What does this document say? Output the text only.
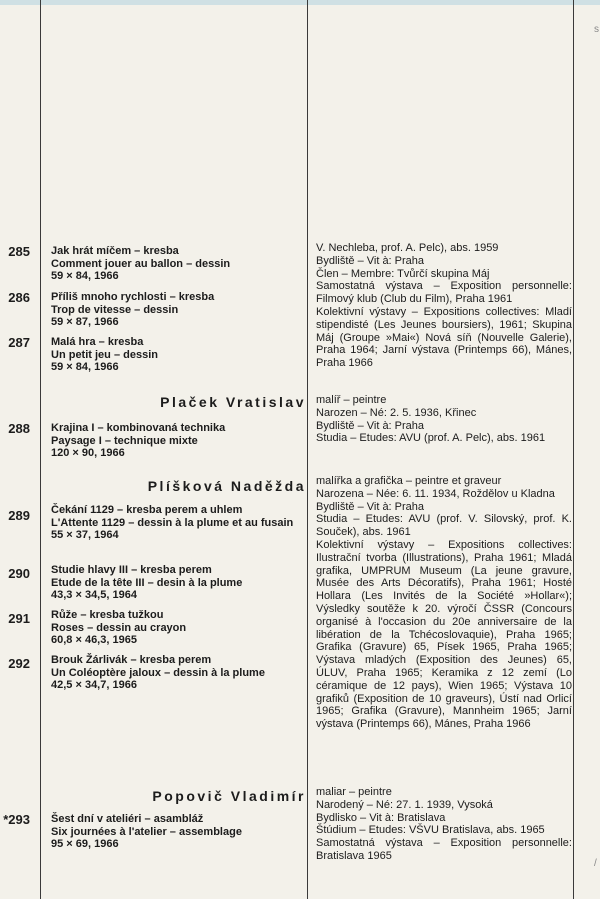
s
/
285 Jak hrát míčem – kresba
Comment jouer au ballon – dessin
59 × 84, 1966
286 Příliš mnoho rychlosti – kresba
Trop de vitesse – dessin
59 × 87, 1966
287 Malá hra – kresba
Un petit jeu – dessin
59 × 84, 1966
Plaček Vratislav
288 Krajina I – kombinovaná technika
Paysage I – technique mixte
120 × 90, 1966
Plíšková Naděžda
289 Čekání 1129 – kresba perem a uhlem
L'Attente 1129 – dessin à la plume et au fusain
55 × 37, 1964
290 Studie hlavy III – kresba perem
Etude de la tête III – desin à la plume
43,3 × 34,5, 1964
291 Růže – kresba tužkou
Roses – dessin au crayon
60,8 × 46,3, 1965
292 Brouk Žárlivák – kresba perem
Un Coléoptère jaloux – dessin à la plume
42,5 × 34,7, 1966
Popovič Vladimír
*293 Šest dní v ateliéri – asambláž
Six journées à l'atelier – assemblage
95 × 69, 1966
V. Nechleba, prof. A. Pelc), abs. 1959
Bydliště – Vit à: Praha
Člen – Membre: Tvůrčí skupina Máj
Samostatná výstava – Exposition personnelle: Filmový klub (Club du Film), Praha 1961
Kolektivní výstavy – Expositions collectives: Mladí stipendisté (Les Jeunes boursiers), 1961; Skupina Máj (Groupe »Mai«) Nová síň (Nouvelle Galerie), Praha 1964; Jarní výstava (Printemps 66), Mánes, Praha 1966
malíř – peintre
Narozen – Né: 2. 5. 1936, Křinec
Bydliště – Vit à: Praha
Studia – Etudes: AVU (prof. A. Pelc), abs. 1961
malířka a grafička – peintre et graveur
Narozena – Née: 6. 11. 1934, Roždělov u Kladna
Bydliště – Vit à: Praha
Studia – Etudes: AVU (prof. V. Silovský, prof. K. Souček), abs. 1961
Kolektivní výstavy – Expositions collectives: Ilustrační tvorba (Illustrations), Praha 1961; Mladá grafika, UMPRUM Museum (La jeune gravure, Musée des Arts Décoratifs), Praha 1961; Hosté Hollara (Les Invités de la Société »Hollar«); Výsledky soutěže k 20. výročí ČSSR (Concours organisé à l'occasion du 20e anniversaire de la libération de la Tchécoslovaquie), Praha 1965; Grafika (Gravure) 65, Písek 1965, Praha 1965; Výstava mladých (Exposition des Jeunes) 65, ÚLUV, Praha 1965; Keramika z 12 zemí (Lo céramique de 12 pays), Wien 1965; Výstava 10 grafiků (Exposition de 10 graveurs), Ústí nad Orlicí 1965; Grafika (Gravure), Mannheim 1965; Jarní výstava (Printemps 66), Mánes, Praha 1966
maliar – peintre
Narodený – Né: 27. 1. 1939, Vysoká
Bydlisko – Vit à: Bratislava
Štúdium – Etudes: VŠVU Bratislava, abs. 1965
Samostatná výstava – Exposition personnelle: Bratislava 1965
